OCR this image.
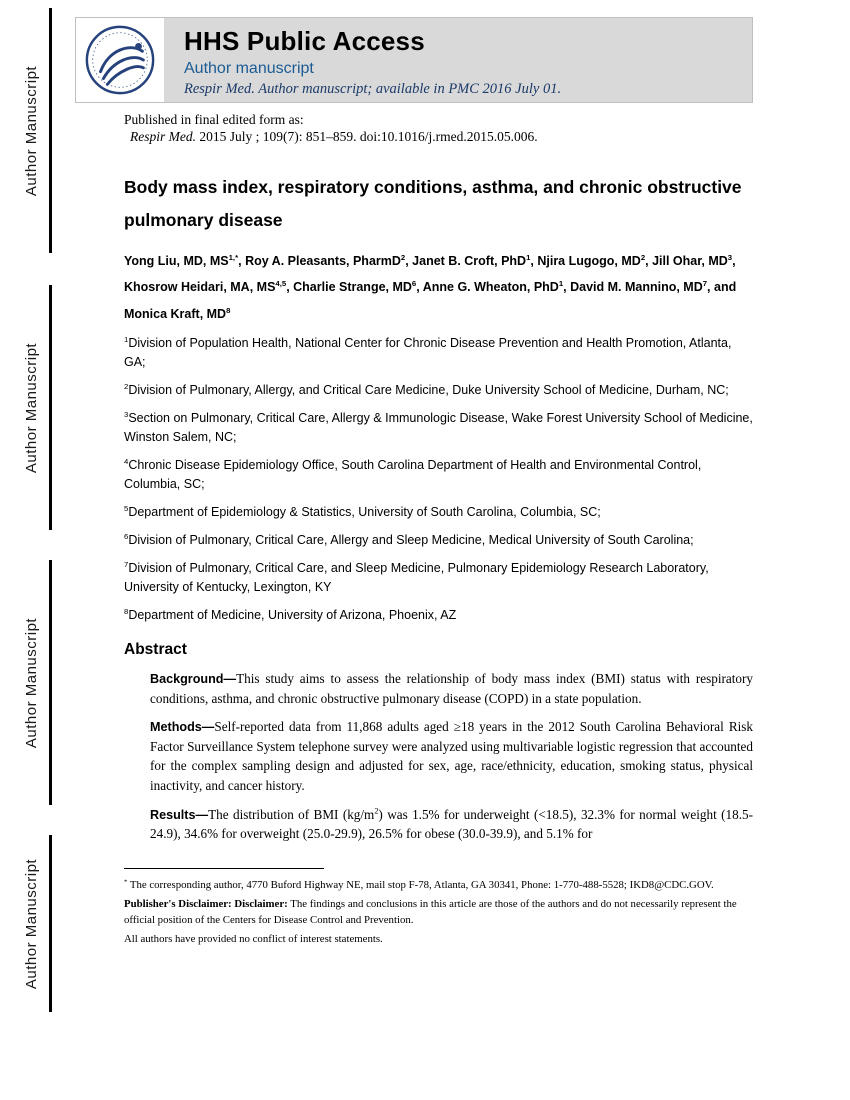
Author Manuscript
Author Manuscript
Author Manuscript
Author Manuscript
HHS Public Access
Author manuscript
Respir Med. Author manuscript; available in PMC 2016 July 01.

Published in final edited form as:

Respir Med. 2015 July ; 109(7): 851–859. doi:10.1016/j.rmed.2015.05.006.

Body mass index, respiratory conditions, asthma, and chronic obstructive pulmonary disease

Yong Liu, MD, $MS^{1,*}$, Roy A. Pleasants, PharmD$^2$, Janet B. Croft, PhD$^1$, Njira Lugogo, $MD^2$, Jill Ohar, $MD^3$, Khosrow Heidari, MA, MS$^{4,5}$, Charlie Strange, $MD^6$, Anne G. Wheaton, PhD$^1$, David M. Mannino, $MD^7$, and Monica Kraft, $MD^8$

$^1$Division of Population Health, National Center for Chronic Disease Prevention and Health Promotion, Atlanta, GA;

$^2$Division of Pulmonary, Allergy, and Critical Care Medicine, Duke University School of Medicine, Durham, NC;

$^3$Section on Pulmonary, Critical Care, Allergy & Immunologic Disease, Wake Forest University School of Medicine, Winston Salem, NC;

$^4$Chronic Disease Epidemiology Office, South Carolina Department of Health and Environmental Control, Columbia, SC;

$^5$Department of Epidemiology & Statistics, University of South Carolina, Columbia, SC;

$^6$Division of Pulmonary, Critical Care, Allergy and Sleep Medicine, Medical University of South Carolina;

$^7$Division of Pulmonary, Critical Care, and Sleep Medicine, Pulmonary Epidemiology Research Laboratory, University of Kentucky, Lexington, KY

$^8$Department of Medicine, University of Arizona, Phoenix, AZ

Abstract

Background—This study aims to assess the relationship of body mass index (BMI) status with respiratory conditions, asthma, and chronic obstructive pulmonary disease (COPD) in a state population.

Methods—Self-reported data from 11,868 adults aged ≥18 years in the 2012 South Carolina Behavioral Risk Factor Surveillance System telephone survey were analyzed using multivariable logistic regression that accounted for the complex sampling design and adjusted for sex, age, race/ethnicity, education, smoking status, physical inactivity, and cancer history.

Results—The distribution of BMI $(kg/m^2)$ was 1.5% for underweight (<18.5), 32.3% for normal weight (18.5-24.9), 34.6% for overweight (25.0-29.9), 26.5% for obese (30.0-39.9), and 5.1% for

* The corresponding author, 4770 Buford Highway NE, mail stop F-78, Atlanta, GA 30341, Phone: 1-770-488-5528; IKD8@CDC.GOV.

Publisher's Disclaimer: Disclaimer: The findings and conclusions in this article are those of the authors and do not necessarily represent the official position of the Centers for Disease Control and Prevention.

All authors have provided no conflict of interest statements.
